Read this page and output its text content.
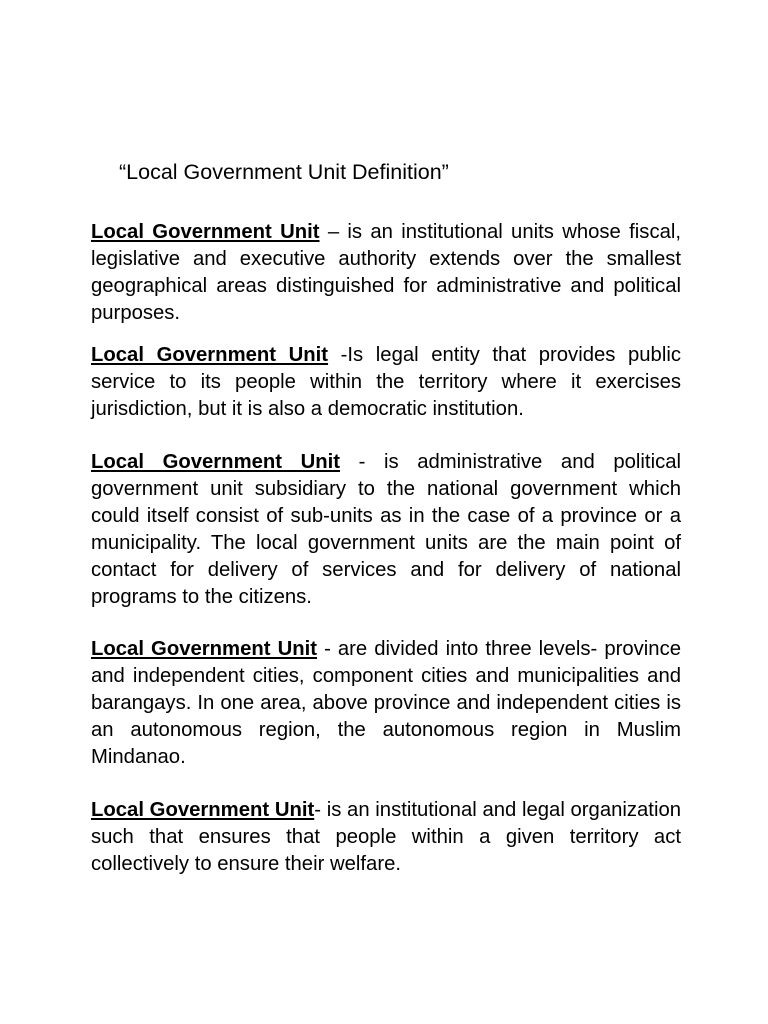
“Local Government Unit Definition”

Local Government Unit – is an institutional units whose fiscal, legislative and executive authority extends over the smallest geographical areas distinguished for administrative and political purposes.

Local Government Unit -Is legal entity that provides public service to its people within the territory where it exercises jurisdiction, but it is also a democratic institution.

Local Government Unit - is administrative and political government unit subsidiary to the national government which could itself consist of sub-units as in the case of a province or a municipality. The local government units are the main point of contact for delivery of services and for delivery of national programs to the citizens.

Local Government Unit - are divided into three levels- province and independent cities, component cities and municipalities and barangays. In one area, above province and independent cities is an autonomous region, the autonomous region in Muslim Mindanao.

Local Government Unit- is an institutional and legal organization such that ensures that people within a given territory act collectively to ensure their welfare.
